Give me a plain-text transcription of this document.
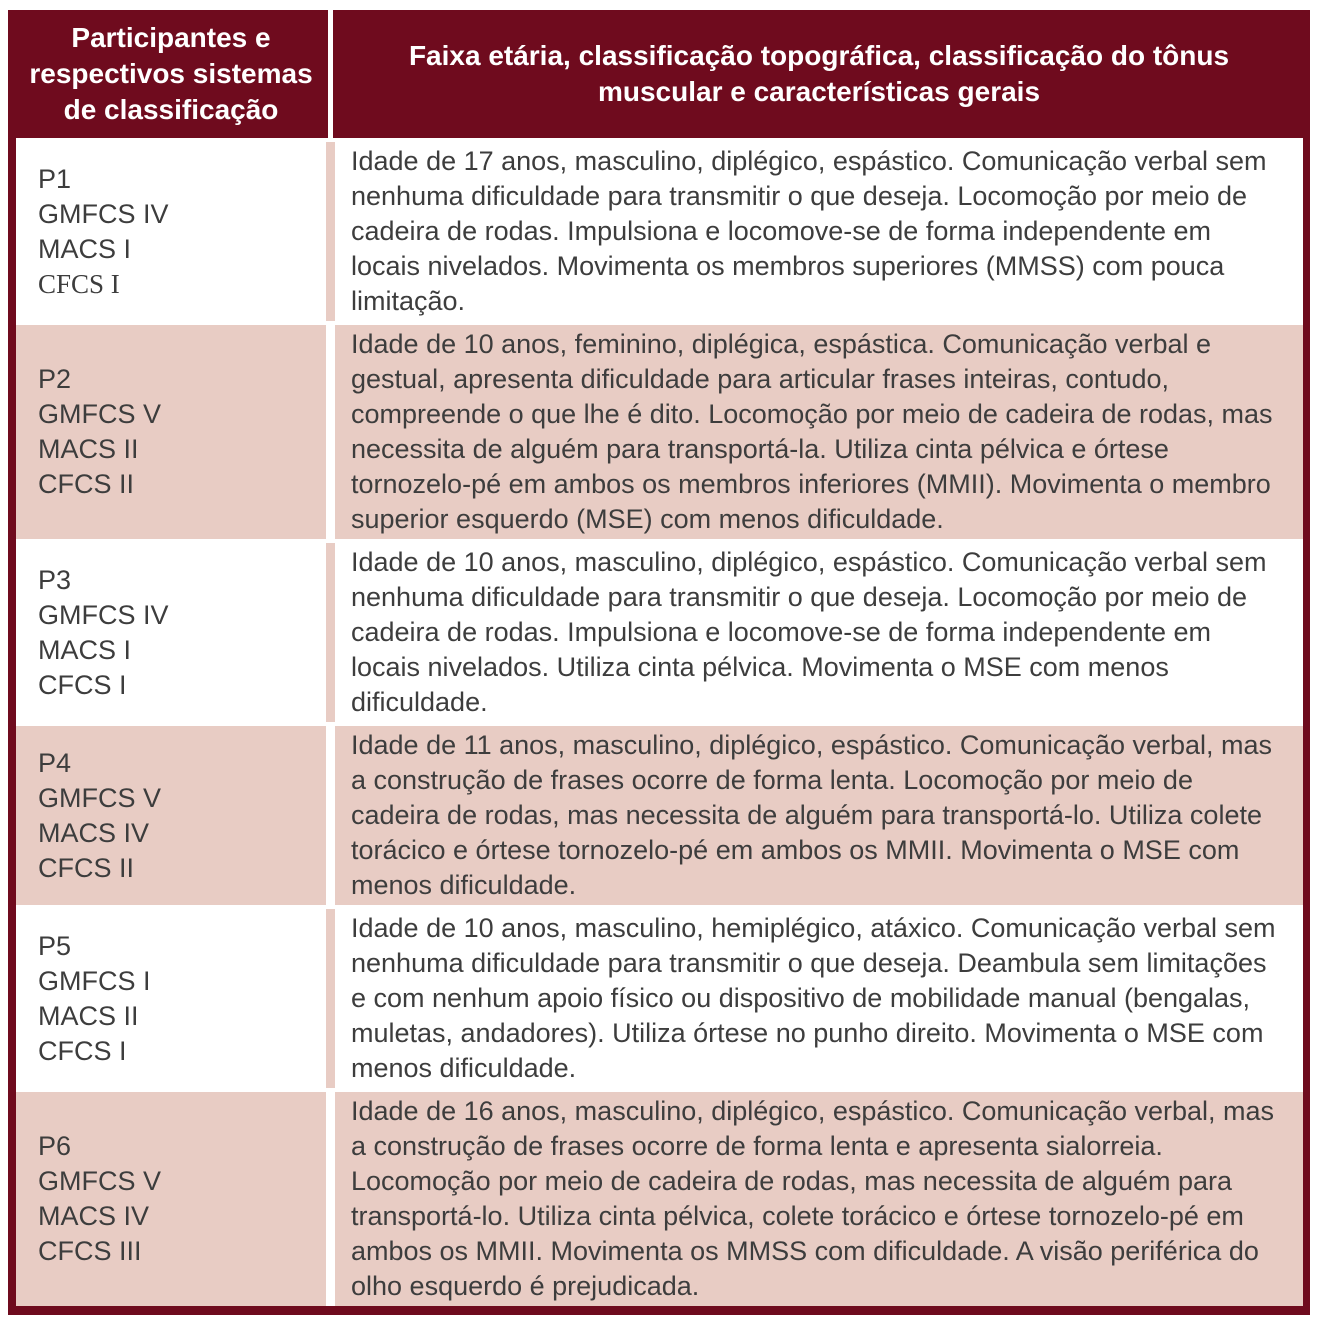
Participantes e respectivos sistemas de classificação
Faixa etária, classificação topográfica, classificação do tônus muscular e características gerais
P1
GMFCS IV
MACS I
CFCS I
Idade de 17 anos, masculino, diplégico, espástico. Comunicação verbal sem nenhuma dificuldade para transmitir o que deseja. Locomoção por meio de cadeira de rodas. Impulsiona e locomove-se de forma independente em locais nivelados. Movimenta os membros superiores (MMSS) com pouca limitação.
P2
GMFCS V
MACS II
CFCS II
Idade de 10 anos, feminino, diplégica, espástica. Comunicação verbal e gestual, apresenta dificuldade para articular frases inteiras, contudo, compreende o que lhe é dito. Locomoção por meio de cadeira de rodas, mas necessita de alguém para transportá-la. Utiliza cinta pélvica e órtese tornozelo-pé em ambos os membros inferiores (MMII). Movimenta o membro superior esquerdo (MSE) com menos dificuldade.
P3
GMFCS IV
MACS I
CFCS I
Idade de 10 anos, masculino, diplégico, espástico. Comunicação verbal sem nenhuma dificuldade para transmitir o que deseja. Locomoção por meio de cadeira de rodas. Impulsiona e locomove-se de forma independente em locais nivelados. Utiliza cinta pélvica. Movimenta o MSE com menos dificuldade.
P4
GMFCS V
MACS IV
CFCS II
Idade de 11 anos, masculino, diplégico, espástico. Comunicação verbal, mas a construção de frases ocorre de forma lenta. Locomoção por meio de cadeira de rodas, mas necessita de alguém para transportá-lo. Utiliza colete torácico e órtese tornozelo-pé em ambos os MMII. Movimenta o MSE com menos dificuldade.
P5
GMFCS I
MACS II
CFCS I
Idade de 10 anos, masculino, hemiplégico, atáxico. Comunicação verbal sem nenhuma dificuldade para transmitir o que deseja. Deambula sem limitações e com nenhum apoio físico ou dispositivo de mobilidade manual (bengalas, muletas, andadores). Utiliza órtese no punho direito. Movimenta o MSE com menos dificuldade.
P6
GMFCS V
MACS IV
CFCS III
Idade de 16 anos, masculino, diplégico, espástico. Comunicação verbal, mas a construção de frases ocorre de forma lenta e apresenta sialorreia. Locomoção por meio de cadeira de rodas, mas necessita de alguém para transportá-lo. Utiliza cinta pélvica, colete torácico e órtese tornozelo-pé em ambos os MMII. Movimenta os MMSS com dificuldade. A visão periférica do olho esquerdo é prejudicada.
